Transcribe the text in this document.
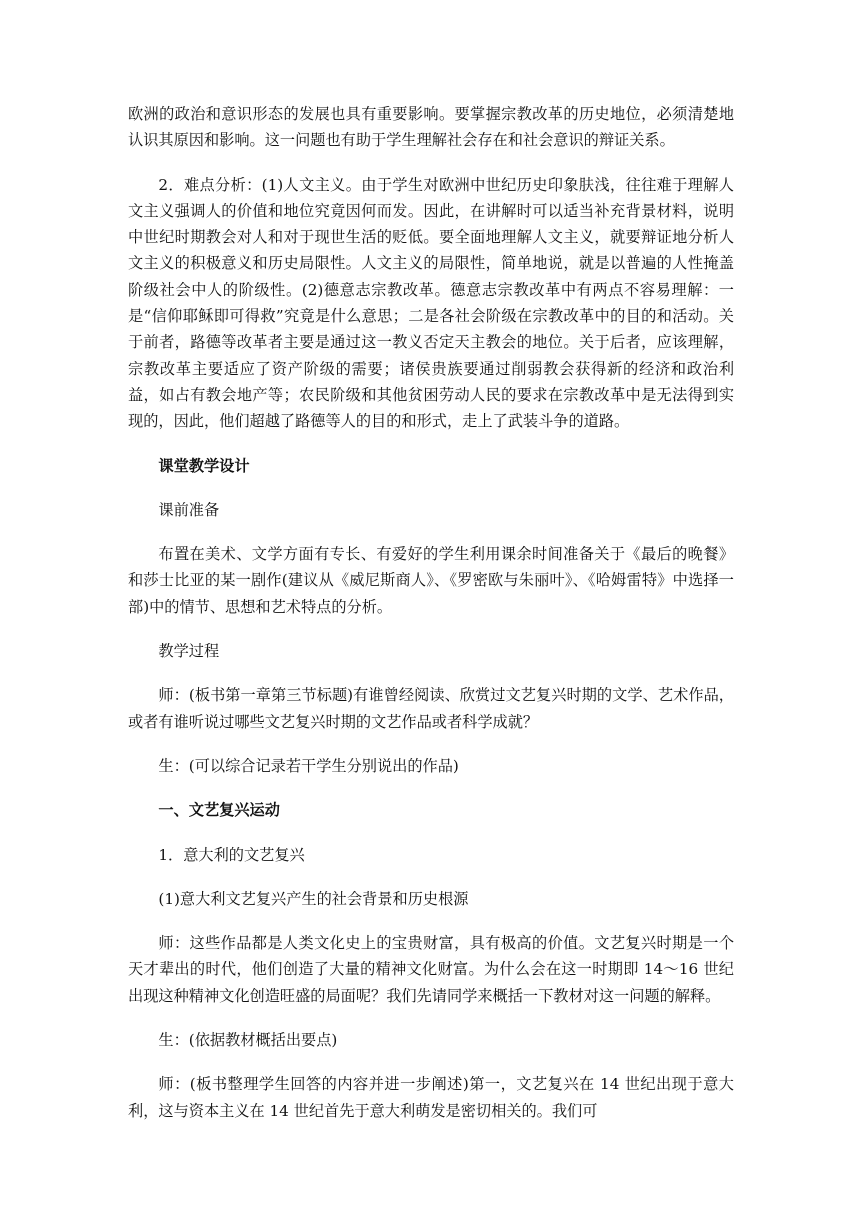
欧洲的政治和意识形态的发展也具有重要影响。要掌握宗教改革的历史地位，必须清楚地认识其原因和影响。这一问题也有助于学生理解社会存在和社会意识的辩证关系。

2．难点分析：(1)人文主义。由于学生对欧洲中世纪历史印象肤浅，往往难于理解人文主义强调人的价值和地位究竟因何而发。因此，在讲解时可以适当补充背景材料，说明中世纪时期教会对人和对于现世生活的贬低。要全面地理解人文主义，就要辩证地分析人文主义的积极意义和历史局限性。人文主义的局限性，简单地说，就是以普遍的人性掩盖阶级社会中人的阶级性。(2)德意志宗教改革。德意志宗教改革中有两点不容易理解：一是“信仰耶稣即可得救”究竟是什么意思；二是各社会阶级在宗教改革中的目的和活动。关于前者，路德等改革者主要是通过这一教义否定天主教会的地位。关于后者，应该理解，宗教改革主要适应了资产阶级的需要；诸侯贵族要通过削弱教会获得新的经济和政治利益，如占有教会地产等；农民阶级和其他贫困劳动人民的要求在宗教改革中是无法得到实现的，因此，他们超越了路德等人的目的和形式，走上了武装斗争的道路。

课堂教学设计

课前准备

布置在美术、文学方面有专长、有爱好的学生利用课余时间准备关于《最后的晚餐》和莎士比亚的某一剧作(建议从《威尼斯商人》、《罗密欧与朱丽叶》、《哈姆雷特》中选择一部)中的情节、思想和艺术特点的分析。

教学过程

师：(板书第一章第三节标题)有谁曾经阅读、欣赏过文艺复兴时期的文学、艺术作品，或者有谁听说过哪些文艺复兴时期的文艺作品或者科学成就？

生：(可以综合记录若干学生分别说出的作品)

一、文艺复兴运动

1．意大利的文艺复兴

(1)意大利文艺复兴产生的社会背景和历史根源

师：这些作品都是人类文化史上的宝贵财富，具有极高的价值。文艺复兴时期是一个天才辈出的时代，他们创造了大量的精神文化财富。为什么会在这一时期即 14～16 世纪出现这种精神文化创造旺盛的局面呢？我们先请同学来概括一下教材对这一问题的解释。

生：(依据教材概括出要点)

师：(板书整理学生回答的内容并进一步阐述)第一，文艺复兴在 14 世纪出现于意大利，这与资本主义在 14 世纪首先于意大利萌发是密切相关的。我们可
